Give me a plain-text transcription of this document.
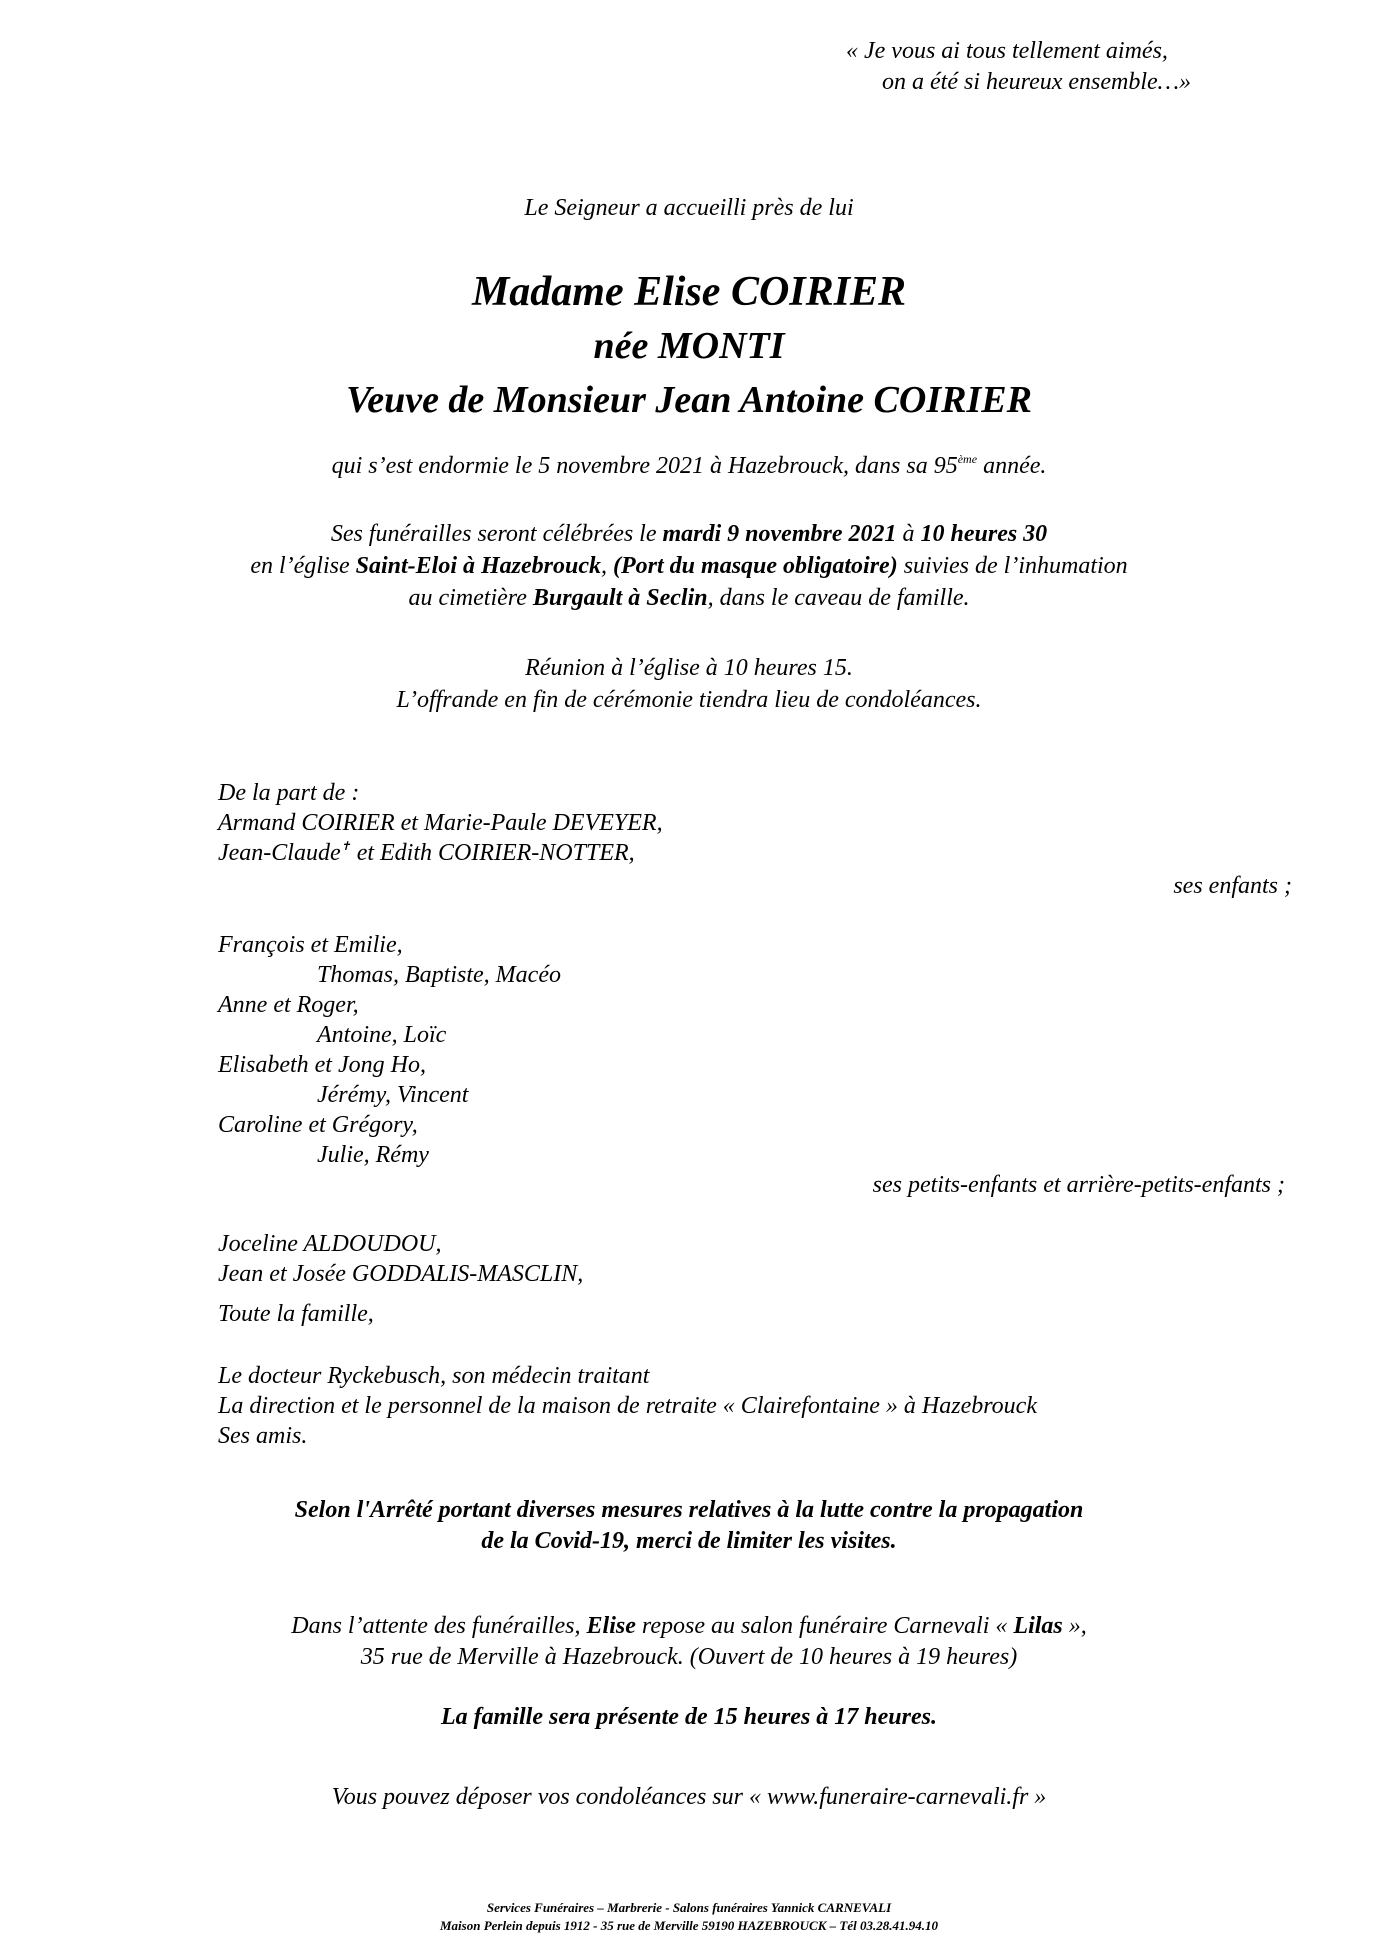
« Je vous ai tous tellement aimés,
on a été si heureux ensemble…»
Le Seigneur a accueilli près de lui
Madame Elise COIRIER
née MONTI
Veuve de Monsieur Jean Antoine COIRIER
qui s’est endormie le 5 novembre 2021 à Hazebrouck, dans sa 95ème année.
Ses funérailles seront célébrées le mardi 9 novembre 2021 à 10 heures 30
en l’église Saint-Eloi à Hazebrouck, (Port du masque obligatoire) suivies de l’inhumation
au cimetière Burgault à Seclin, dans le caveau de famille.
Réunion à l’église à 10 heures 15.
L’offrande en fin de cérémonie tiendra lieu de condoléances.
De la part de :
Armand COIRIER et Marie-Paule DEVEYER,
Jean-Claude✝ et Edith COIRIER-NOTTER,
ses enfants ;
François et Emilie,
Thomas, Baptiste, Macéo
Anne et Roger,
Antoine, Loïc
Elisabeth et Jong Ho,
Jérémy, Vincent
Caroline et Grégory,
Julie, Rémy
ses petits-enfants et arrière-petits-enfants ;
Joceline ALDOUDOU,
Jean et Josée GODDALIS-MASCLIN,
Toute la famille,
Le docteur Ryckebusch, son médecin traitant
La direction et le personnel de la maison de retraite « Clairefontaine » à Hazebrouck
Ses amis.
Selon l'Arrêté portant diverses mesures relatives à la lutte contre la propagation
de la Covid-19, merci de limiter les visites.
Dans l’attente des funérailles, Elise repose au salon funéraire Carnevali « Lilas »,
35 rue de Merville à Hazebrouck. (Ouvert de 10 heures à 19 heures)
La famille sera présente de 15 heures à 17 heures.
Vous pouvez déposer vos condoléances sur « www.funeraire-carnevali.fr »
Services Funéraires – Marbrerie - Salons funéraires Yannick CARNEVALI
Maison Perlein depuis 1912 - 35 rue de Merville 59190 HAZEBROUCK – Tél 03.28.41.94.10
